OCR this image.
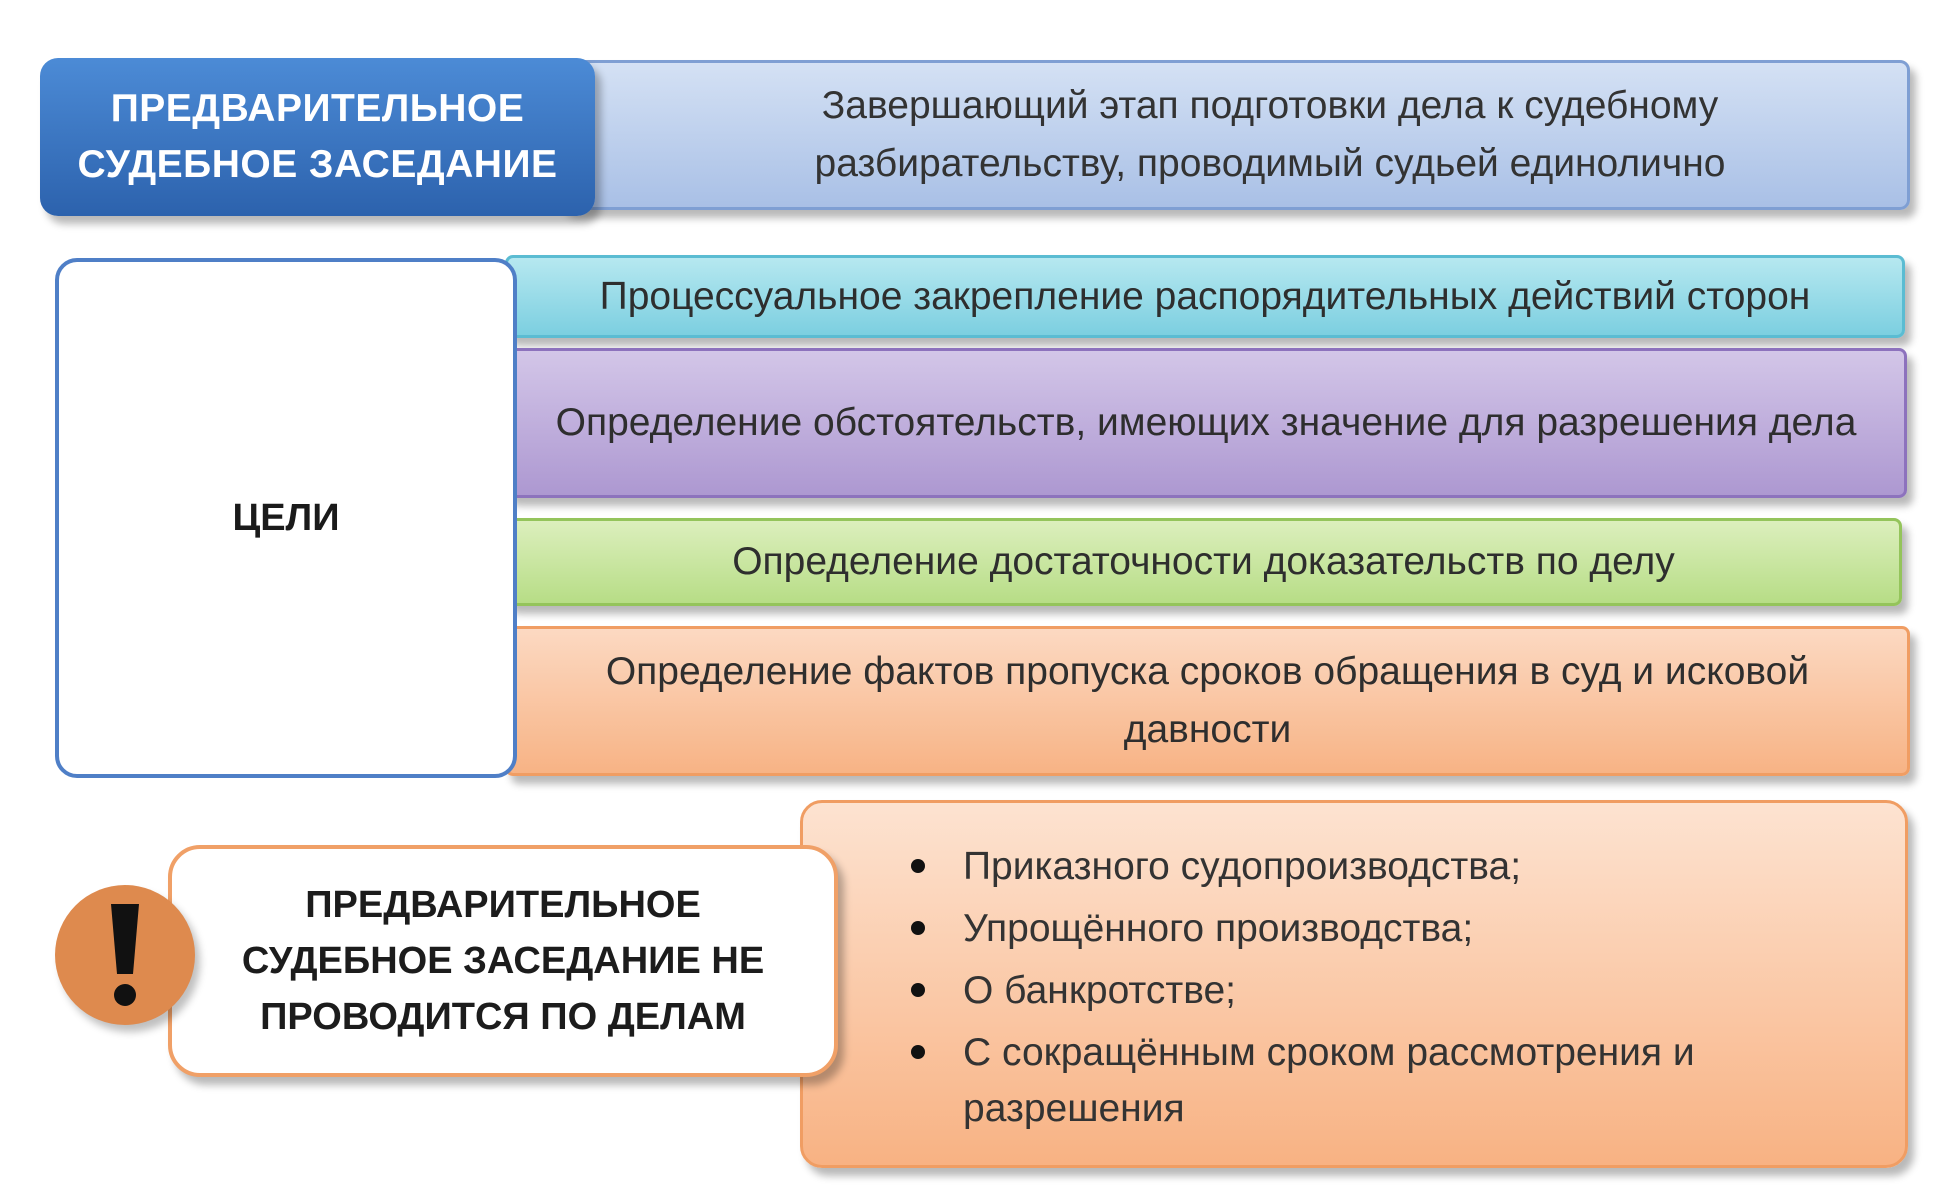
Завершающий этап подготовки дела к судебному разбирательству, проводимый судьей единолично
ПРЕДВАРИТЕЛЬНОЕ СУДЕБНОЕ ЗАСЕДАНИЕ
Процессуальное закрепление распорядительных действий сторон
Определение обстоятельств, имеющих значение для разрешения дела
Определение достаточности доказательств по делу
Определение фактов пропуска сроков обращения в суд и исковой давности
ЦЕЛИ
Приказного судопроизводства;
Упрощённого производства;
О банкротстве;
С сокращённым сроком рассмотрения и разрешения
ПРЕДВАРИТЕЛЬНОЕ СУДЕБНОЕ ЗАСЕДАНИЕ НЕ ПРОВОДИТСЯ ПО ДЕЛАМ
